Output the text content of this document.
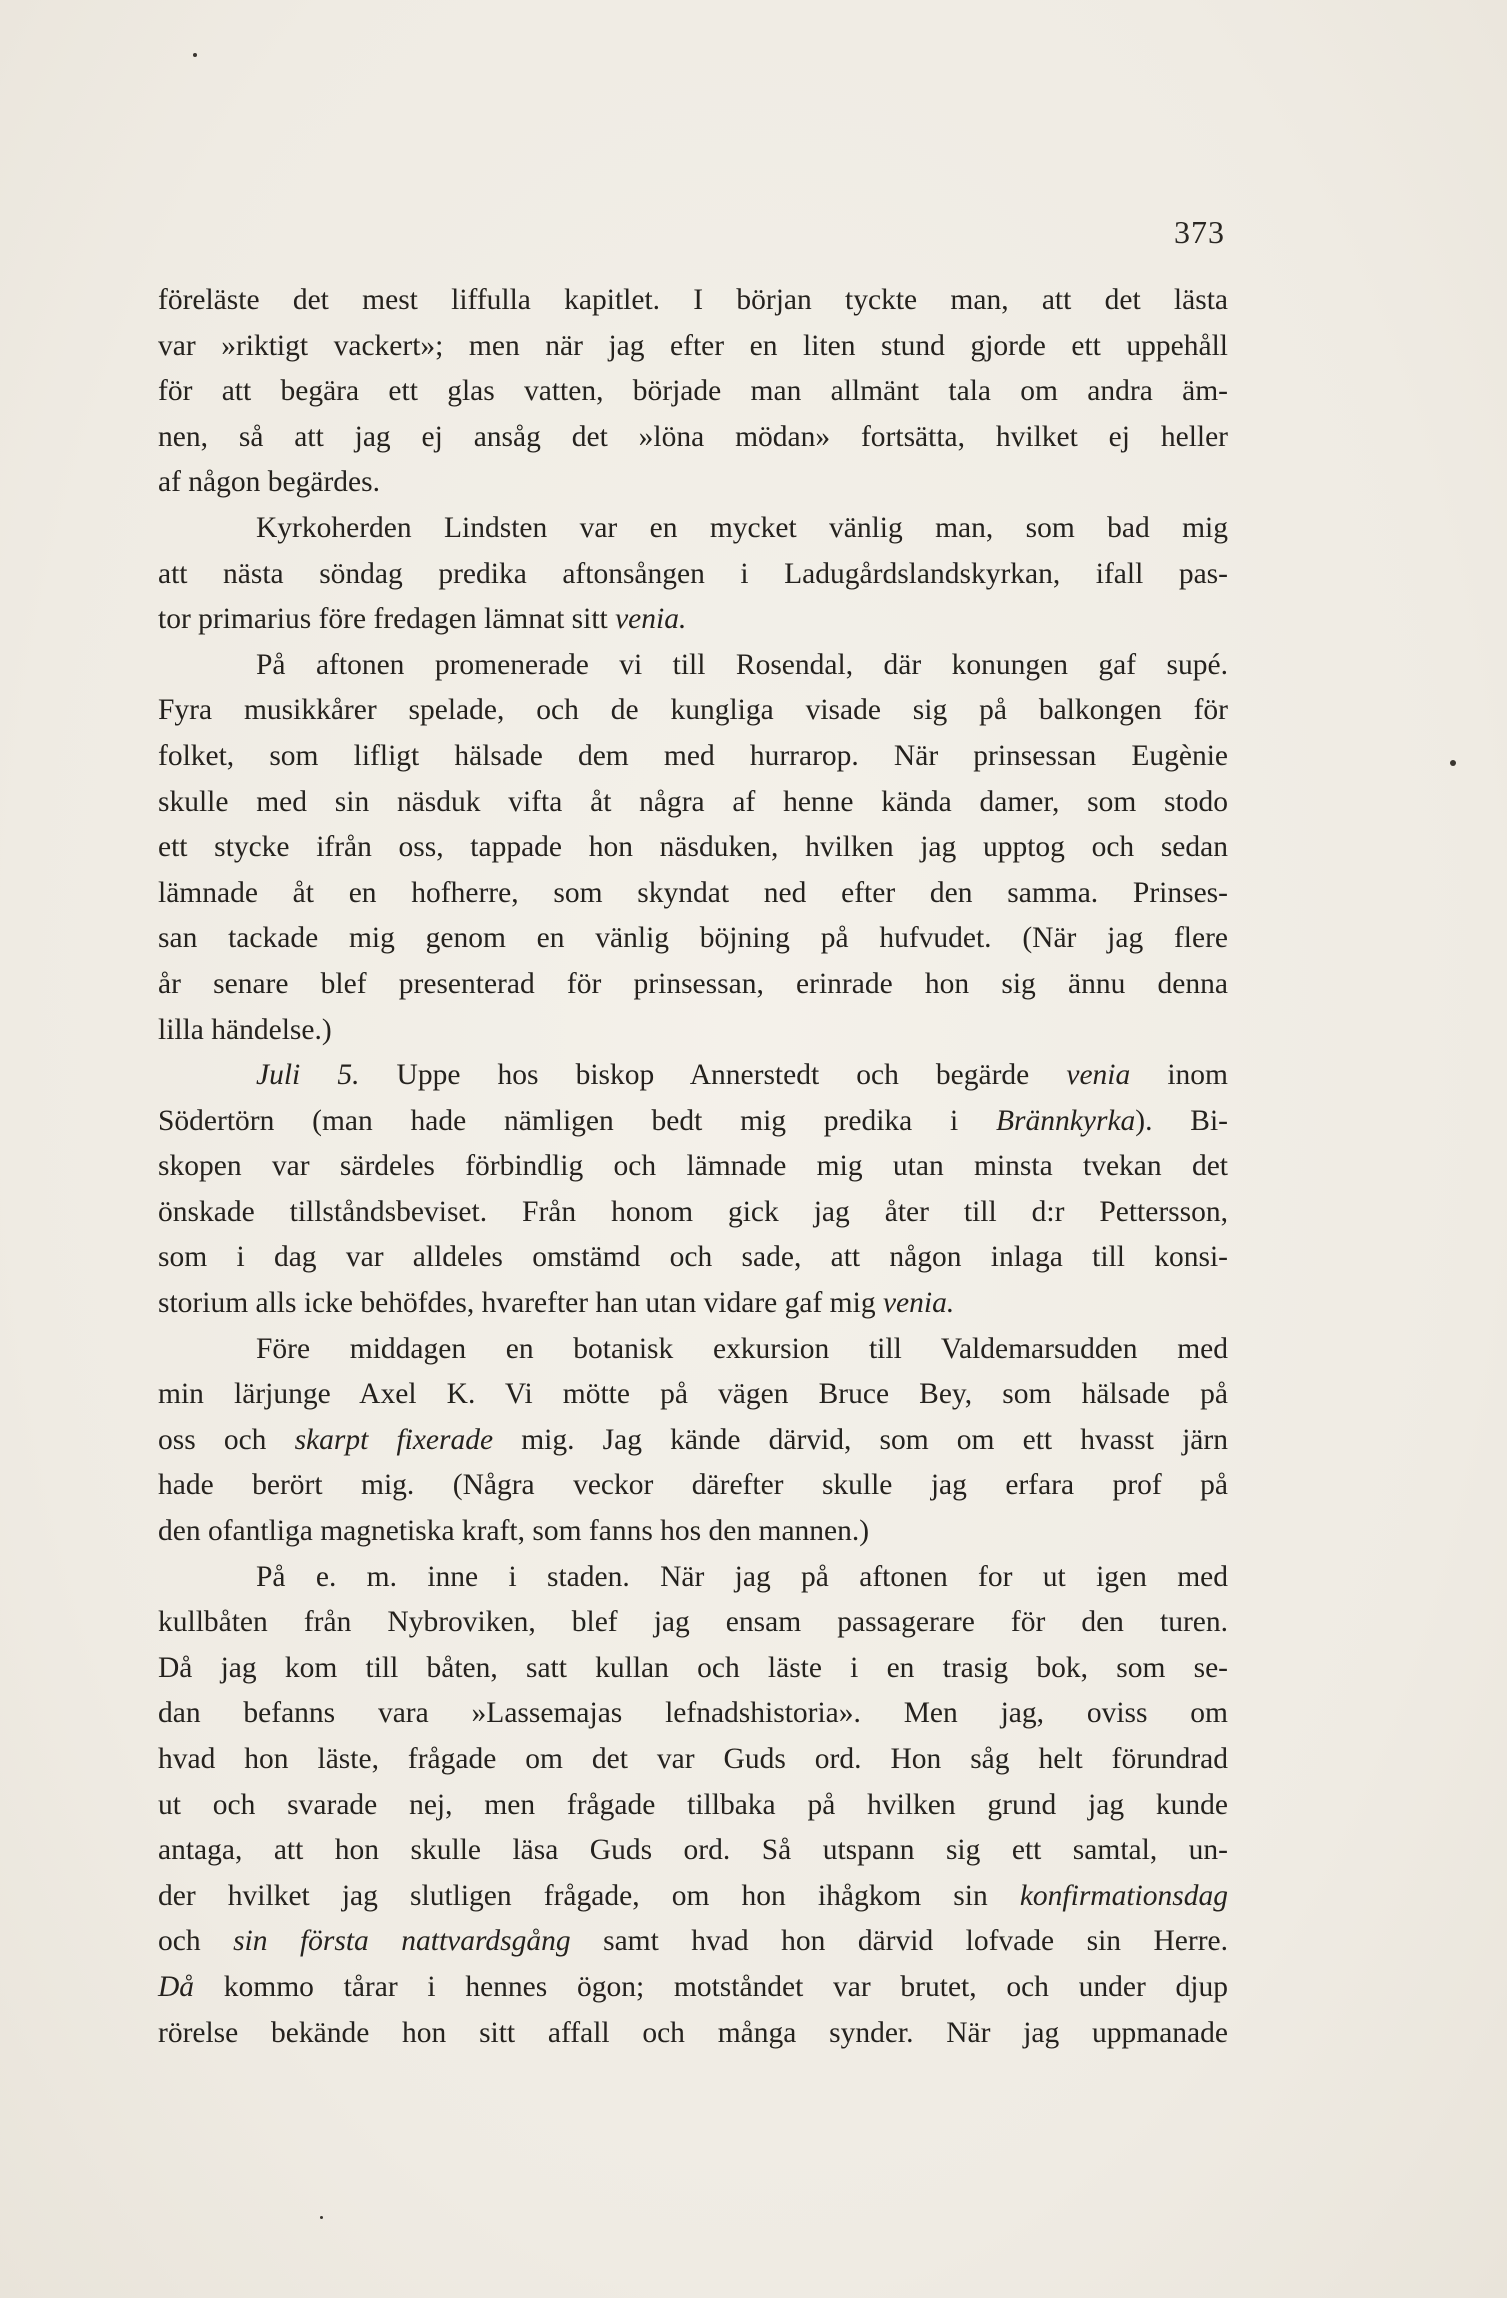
373
föreläste det mest liffulla kapitlet. I början tyckte man, att det lästa
var »riktigt vackert»; men när jag efter en liten stund gjorde ett uppehåll
för att begära ett glas vatten, började man allmänt tala om andra äm-
nen, så att jag ej ansåg det »löna mödan» fortsätta, hvilket ej heller
af någon begärdes.
Kyrkoherden Lindsten var en mycket vänlig man, som bad mig
att nästa söndag predika aftonsången i Ladugårdslandskyrkan, ifall pas-
tor primarius före fredagen lämnat sitt venia.
På aftonen promenerade vi till Rosendal, där konungen gaf supé.
Fyra musikkårer spelade, och de kungliga visade sig på balkongen för
folket, som lifligt hälsade dem med hurrarop. När prinsessan Eugènie
skulle med sin näsduk vifta åt några af henne kända damer, som stodo
ett stycke ifrån oss, tappade hon näsduken, hvilken jag upptog och sedan
lämnade åt en hofherre, som skyndat ned efter den samma. Prinses-
san tackade mig genom en vänlig böjning på hufvudet. (När jag flere
år senare blef presenterad för prinsessan, erinrade hon sig ännu denna
lilla händelse.)
Juli 5. Uppe hos biskop Annerstedt och begärde venia inom
Södertörn (man hade nämligen bedt mig predika i Brännkyrka). Bi-
skopen var särdeles förbindlig och lämnade mig utan minsta tvekan det
önskade tillståndsbeviset. Från honom gick jag åter till d:r Pettersson,
som i dag var alldeles omstämd och sade, att någon inlaga till konsi-
storium alls icke behöfdes, hvarefter han utan vidare gaf mig venia.
Före middagen en botanisk exkursion till Valdemarsudden med
min lärjunge Axel K. Vi mötte på vägen Bruce Bey, som hälsade på
oss och skarpt fixerade mig. Jag kände därvid, som om ett hvasst järn
hade berört mig. (Några veckor därefter skulle jag erfara prof på
den ofantliga magnetiska kraft, som fanns hos den mannen.)
På e. m. inne i staden. När jag på aftonen for ut igen med
kullbåten från Nybroviken, blef jag ensam passagerare för den turen.
Då jag kom till båten, satt kullan och läste i en trasig bok, som se-
dan befanns vara »Lassemajas lefnadshistoria». Men jag, oviss om
hvad hon läste, frågade om det var Guds ord. Hon såg helt förundrad
ut och svarade nej, men frågade tillbaka på hvilken grund jag kunde
antaga, att hon skulle läsa Guds ord. Så utspann sig ett samtal, un-
der hvilket jag slutligen frågade, om hon ihågkom sin konfirmationsdag
och sin första nattvardsgång samt hvad hon därvid lofvade sin Herre.
Då kommo tårar i hennes ögon; motståndet var brutet, och under djup
rörelse bekände hon sitt affall och många synder. När jag uppmanade
